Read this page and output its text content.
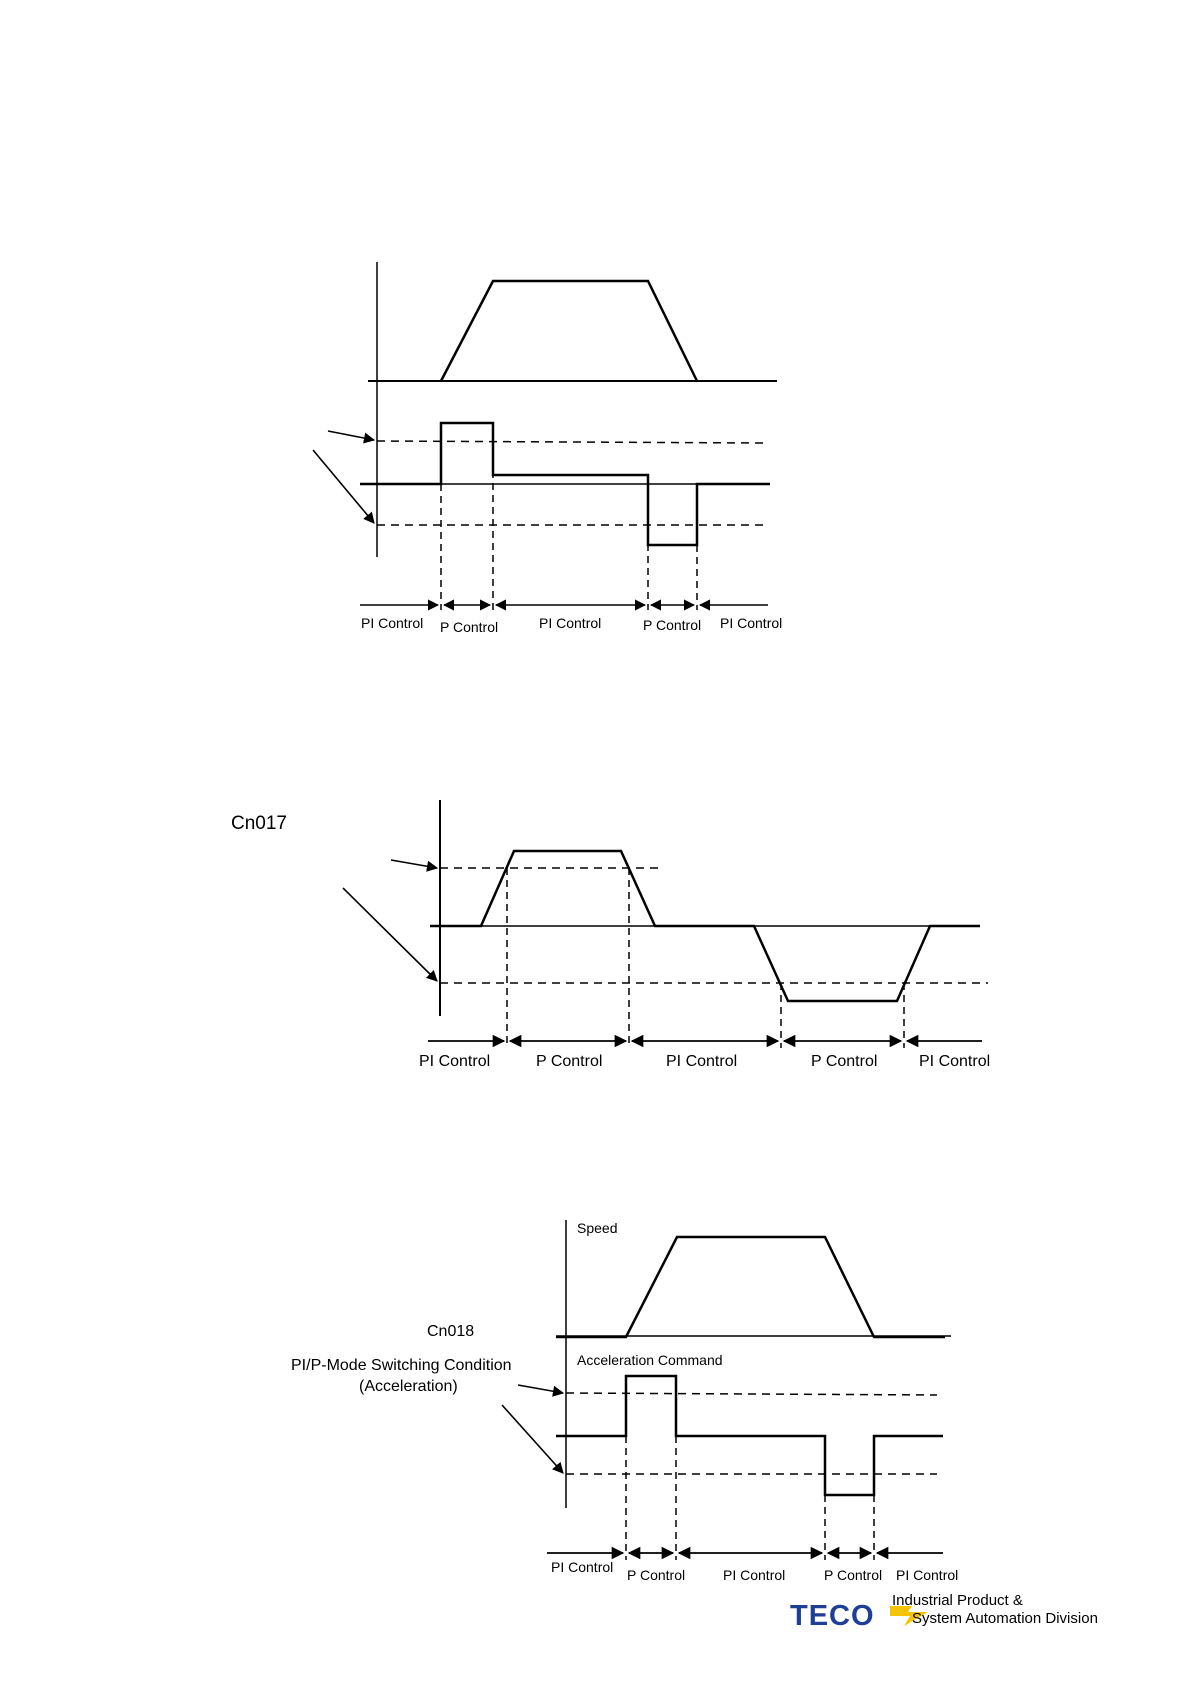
PI Control P Control	PI Control	P Control PI Control
Cn017
PI Control	P Control	PI Control	P Control	PI Control
Speed
Cn018
PI/P-Mode Switching Condition
(Acceleration)
Acceleration Command
PI Control P Control	PI Control	P Control PI Control
TECO Industrial Product &
System Automation Division
